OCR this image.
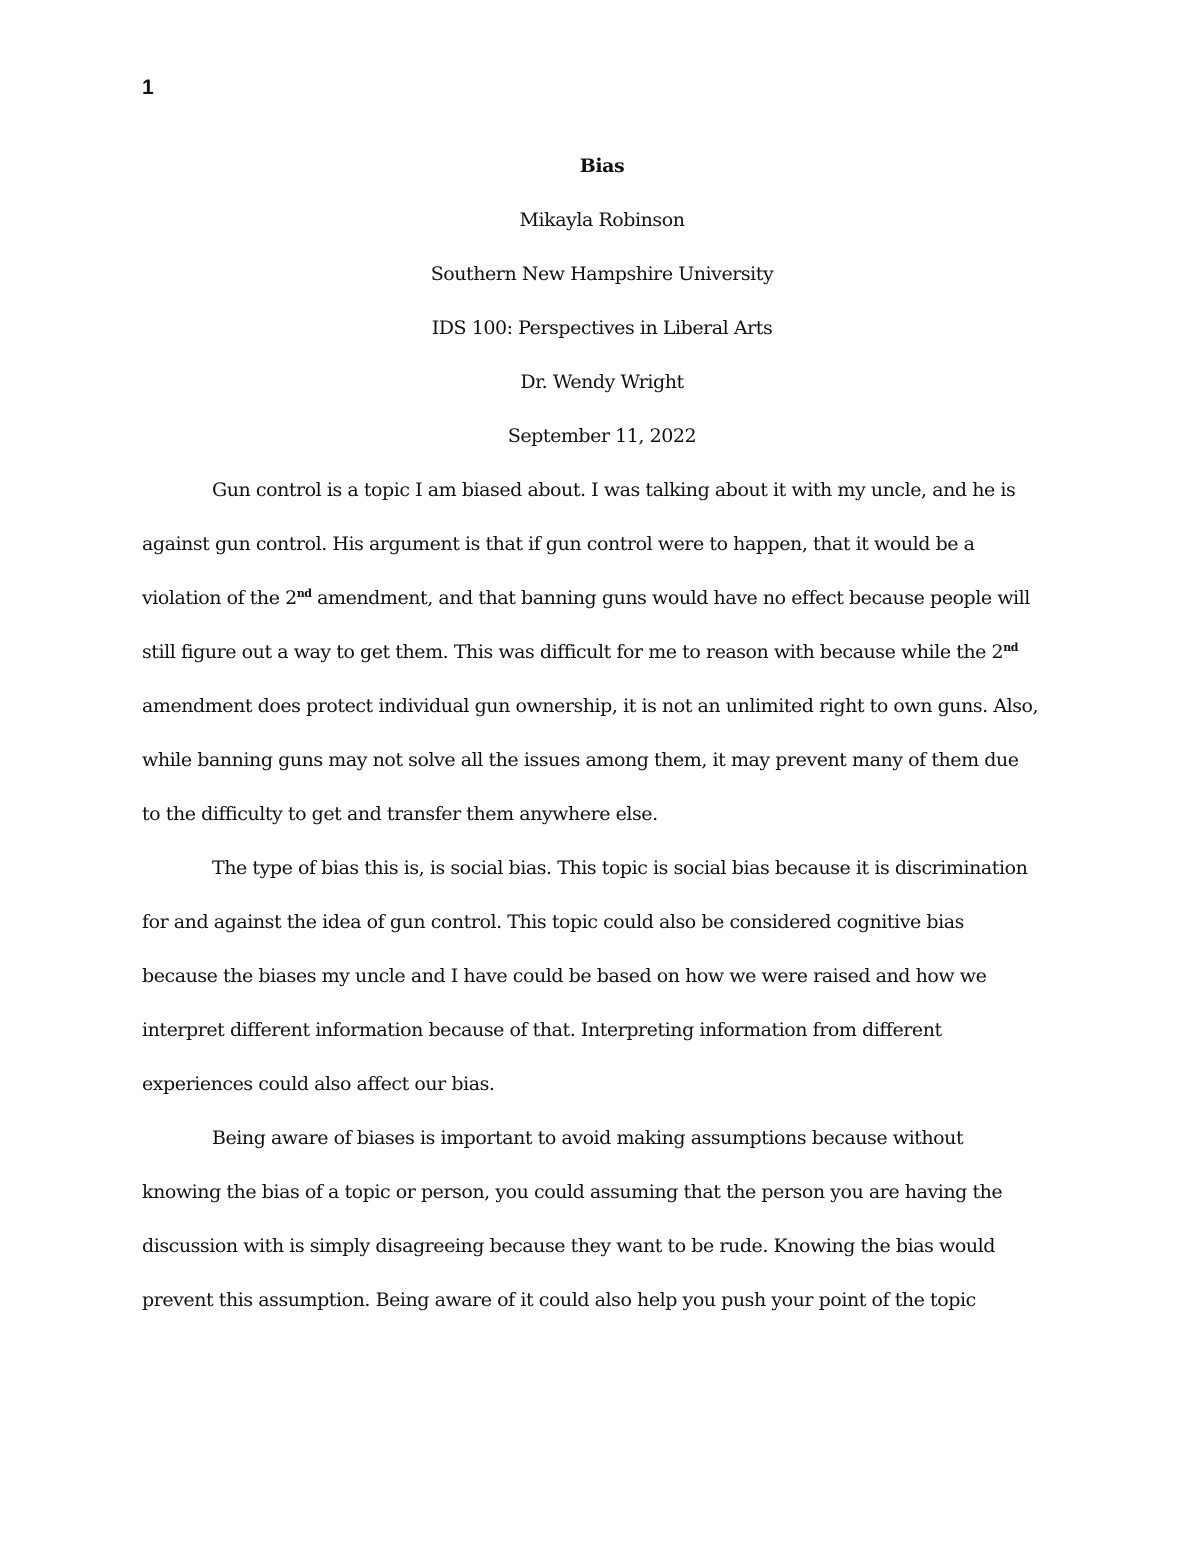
1

Bias

Mikayla Robinson

Southern New Hampshire University

IDS 100: Perspectives in Liberal Arts

Dr. Wendy Wright

September 11, 2022

Gun control is a topic I am biased about. I was talking about it with my uncle, and he is
against gun control. His argument is that if gun control were to happen, that it would be a
violation of the 2nd amendment, and that banning guns would have no effect because people will
still figure out a way to get them. This was difficult for me to reason with because while the 2nd
amendment does protect individual gun ownership, it is not an unlimited right to own guns. Also,
while banning guns may not solve all the issues among them, it may prevent many of them due
to the difficulty to get and transfer them anywhere else.
The type of bias this is, is social bias. This topic is social bias because it is discrimination
for and against the idea of gun control. This topic could also be considered cognitive bias
because the biases my uncle and I have could be based on how we were raised and how we
interpret different information because of that. Interpreting information from different
experiences could also affect our bias.
Being aware of biases is important to avoid making assumptions because without
knowing the bias of a topic or person, you could assuming that the person you are having the
discussion with is simply disagreeing because they want to be rude. Knowing the bias would
prevent this assumption. Being aware of it could also help you push your point of the topic
